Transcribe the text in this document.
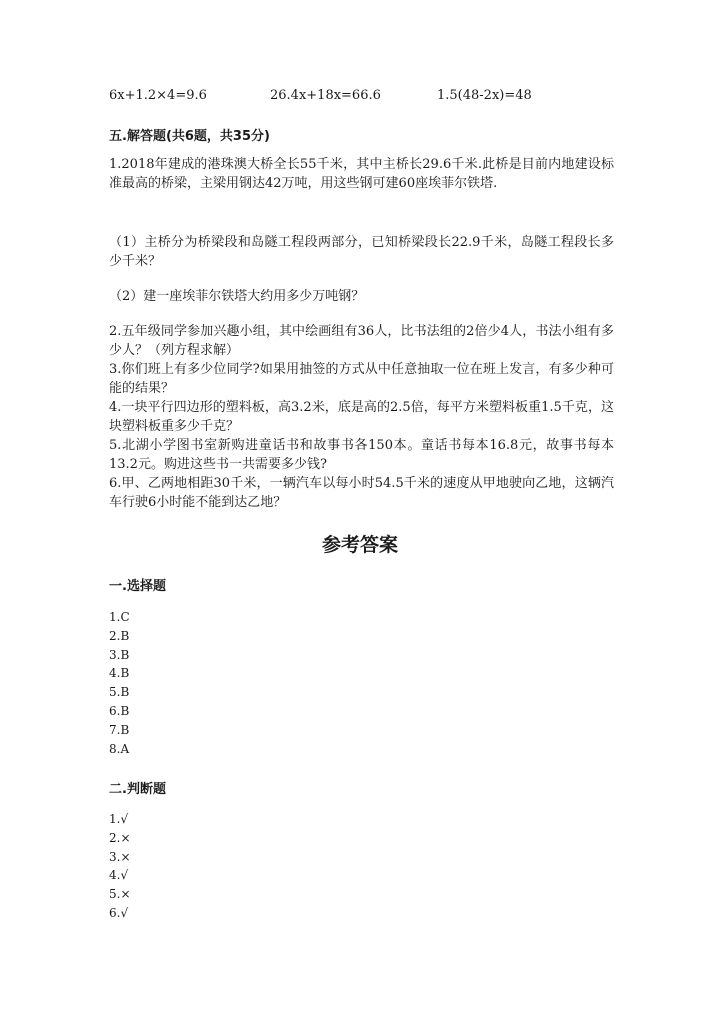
6x+1.2×4=9.6	26.4x+18x=66.6	1.5(48-2x)=48
五.解答题(共6题，共35分)
1.2018年建成的港珠澳大桥全长55千米，其中主桥长29.6千米.此桥是目前内地建设标准最高的桥梁，主梁用钢达42万吨，用这些钢可建60座埃菲尔铁塔.
（1）主桥分为桥梁段和岛隧工程段两部分，已知桥梁段长22.9千米，岛隧工程段长多少千米？
（2）建一座埃菲尔铁塔大约用多少万吨钢？
2.五年级同学参加兴趣小组，其中绘画组有36人，比书法组的2倍少4人，书法小组有多少人？（列方程求解）
3.你们班上有多少位同学?如果用抽签的方式从中任意抽取一位在班上发言，有多少种可能的结果？
4.一块平行四边形的塑料板，高3.2米，底是高的2.5倍，每平方米塑料板重1.5千克，这块塑料板重多少千克？
5.北湖小学图书室新购进童话书和故事书各150本。童话书每本16.8元，故事书每本13.2元。购进这些书一共需要多少钱?
6.甲、乙两地相距30千米，一辆汽车以每小时54.5千米的速度从甲地驶向乙地，这辆汽车行驶6小时能不能到达乙地？
参考答案
一.选择题
1.C
2.B
3.B
4.B
5.B
6.B
7.B
8.A
二.判断题
1.√
2.×
3.×
4.√
5.×
6.√
